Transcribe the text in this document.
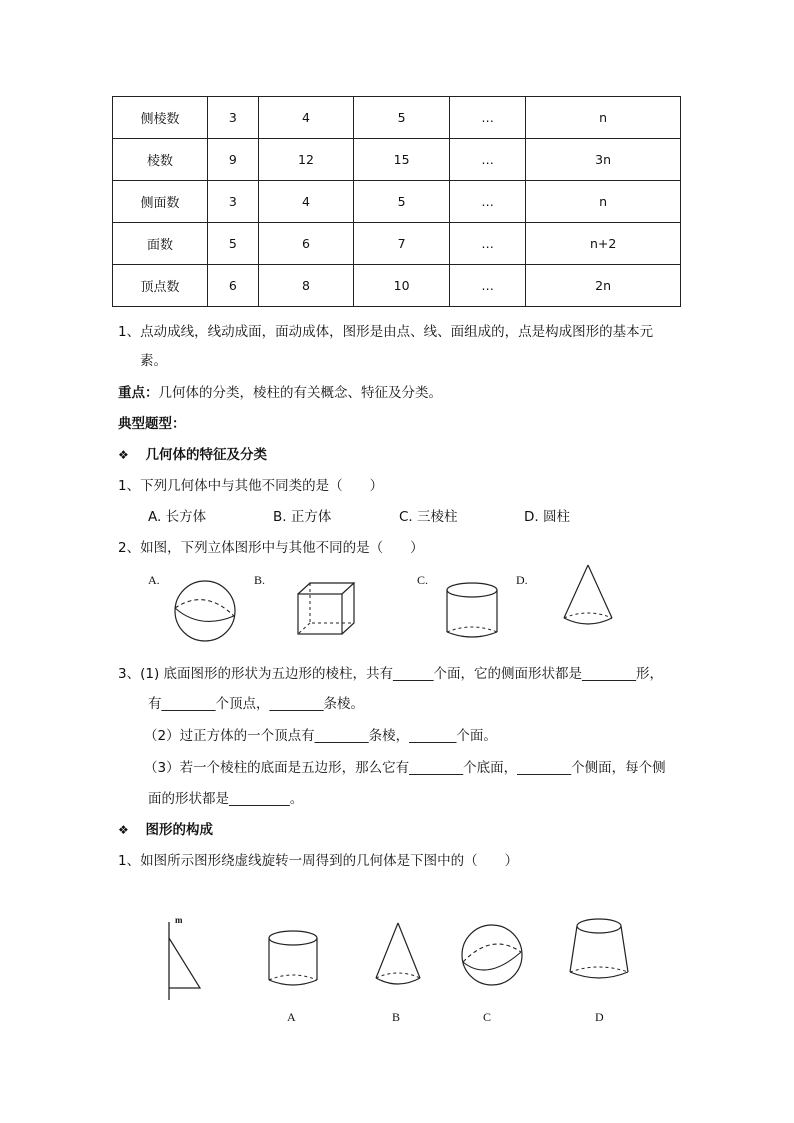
侧棱数	3	4	5	…	n
棱数	9	12	15	…	3n
侧面数	3	4	5	…	n
面数	5	6	7	…	n+2
顶点数	6	8	10	…	2n
1、点动成线，线动成面，面动成体，图形是由点、线、面组成的，点是构成图形的基本元
素。
重点：几何体的分类，棱柱的有关概念、特征及分类。
典型题型：
❖ 几何体的特征及分类
1、下列几何体中与其他不同类的是（　　）
A. 长方体	B. 正方体	C. 三棱柱	D. 圆柱
2、如图，下列立体图形中与其他不同的是（　　）
A.	B.	C.	D.
3、(1) 底面图形的形状为五边形的棱柱，共有______个面，它的侧面形状都是________形，
有________个顶点，________条棱。
（2）过正方体的一个顶点有________条棱，_______个面。
（3）若一个棱柱的底面是五边形，那么它有________个底面，________个侧面，每个侧
面的形状都是_________。
❖ 图形的构成
1、如图所示图形绕虚线旋转一周得到的几何体是下图中的（　　）
m
A	B	C	D
